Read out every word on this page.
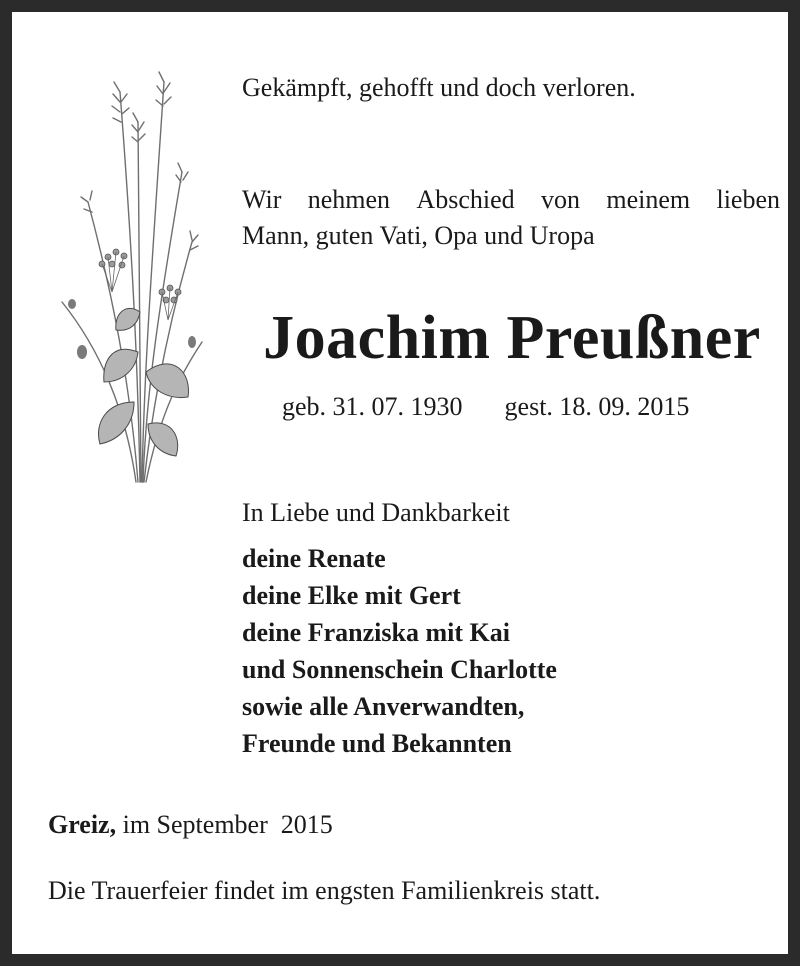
Gekämpft, gehofft und doch verloren.
Wir nehmen Abschied von meinem lieben
Mann, guten Vati, Opa und Uropa
Joachim Preußner
geb. 31. 07. 1930 gest. 18. 09. 2015
In Liebe und Dankbarkeit
deine Renate
deine Elke mit Gert
deine Franziska mit Kai
und Sonnenschein Charlotte
sowie alle Anverwandten,
Freunde und Bekannten
Greiz, im September  2015
Die Trauerfeier findet im engsten Familienkreis statt.
